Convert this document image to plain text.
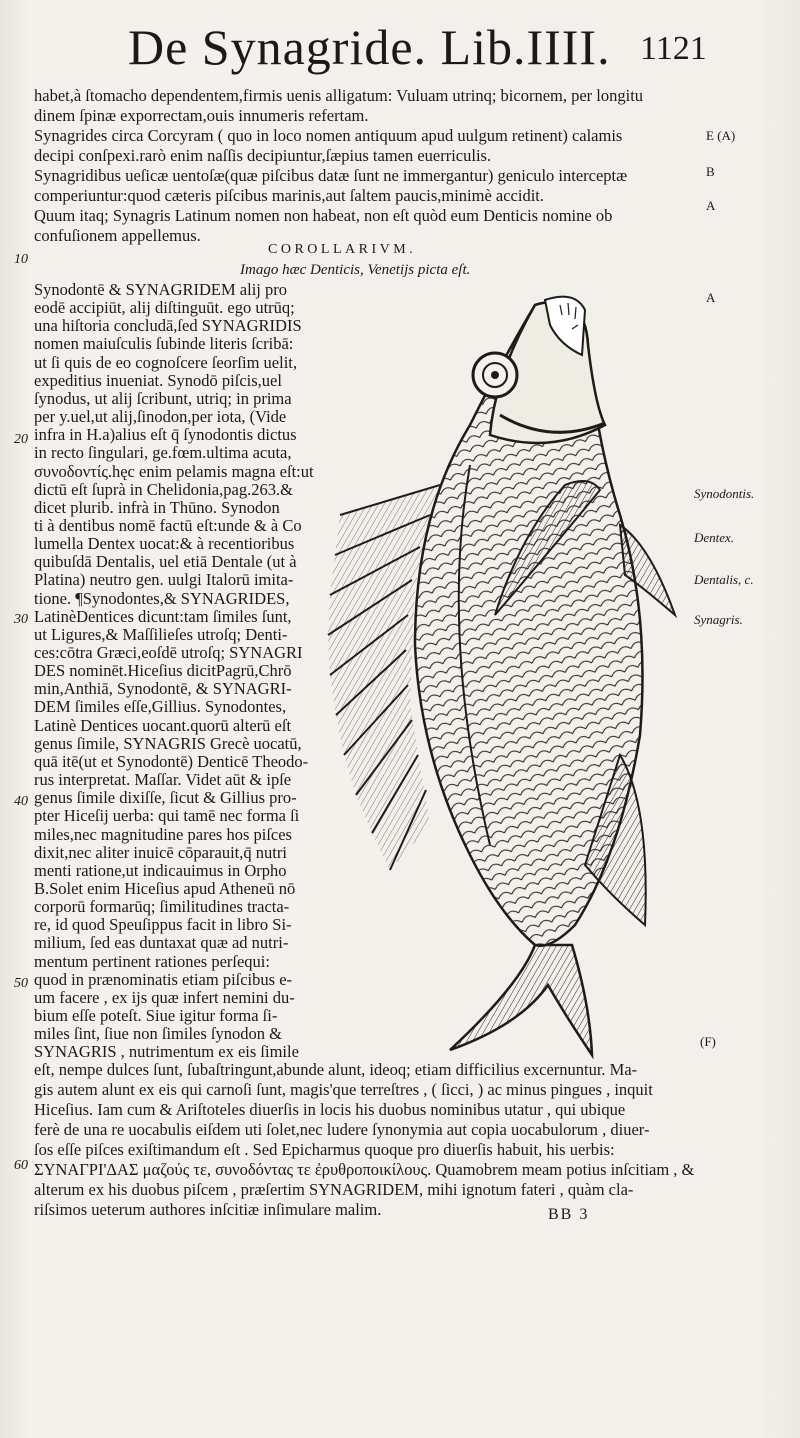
De Synagride. Lib.IIII. 1121
habet,à ſtomacho dependentem,firmis uenis alligatum: Vuluam utrinq; bicornem, per longitu
dinem ſpinæ exporrectam,ouis innumeris refertam.
Synagrides circa Corcyram ( quo in loco nomen antiquum apud uulgum retinent) calamis
decipi conſpexi.rarò enim naſſis decipiuntur,ſæpius tamen euerriculis.
Synagridibus ueſicæ uentoſæ(quæ piſcibus datæ ſunt ne immergantur) geniculo interceptæ
comperiuntur:quod cæteris piſcibus marinis,aut ſaltem paucis,minimè accidit.
Quum itaq; Synagris Latinum nomen non habeat, non eſt quòd eum Denticis nomine ob
confuſionem appellemus.
E (A)
B
A
COROLLARIVM.
Imago hæc Denticis, Venetijs picta eſt.
10
20
30
40
50
60
Synodontē & SYNAGRIDEM alij pro
eodē accipiūt, alij diſtinguūt. ego utrūq;
una hiſtoria concludā,ſed SYNAGRIDIS
nomen maiuſculis ſubinde literis ſcribā:
ut ſi quis de eo cognoſcere ſeorſim uelit,
expeditius inueniat. Synodō piſcis,uel
ſynodus, ut alij ſcribunt, utriq; in prima
per y.uel,ut alij,ſinodon,per iota, (Vide
infra in H.a)alius eſt q̄ ſynodontis dictus
in recto ſingulari, ge.fœm.ultima acuta,
συνοδοντίς.hęc enim pelamis magna eſt:ut
dictū eſt ſuprà in Chelidonia,pag.263.&
dicet plurib. infrà in Thūno. Synodon
ti à dentibus nomē factū eſt:unde & à Co
lumella Dentex uocat:& à recentioribus
quibuſdā Dentalis, uel etiā Dentale (ut à
Platina) neutro gen. uulgi Italorū imita-
tione. ¶Synodontes,& SYNAGRIDES,
LatinèDentices dicunt:tam ſimiles ſunt,
ut Ligures,& Maſſilieſes utroſq; Denti-
ces:cōtra Græci,eoſdē utroſq; SYNAGRI
DES nominēt.Hiceſius dicitPagrū,Chrō
min,Anthiā, Synodontē, & SYNAGRI-
DEM ſimiles eſſe,Gillius. Synodontes,
Latinè Dentices uocant.quorū alterū eſt
genus ſimile, SYNAGRIS Grecè uocatū,
quā itē(ut et Synodontē) Denticē Theodo-
rus interpretat. Maſſar. Videt aūt & ipſe
genus ſimile dixiſſe, ſicut & Gillius pro-
pter Hiceſij uerba: qui tamē nec forma ſi
miles,nec magnitudine pares hos piſces
dixit,nec aliter inuicē cōparauit,q̄ nutri
menti ratione,ut indicauimus in Orpho
B.Solet enim Hiceſius apud Atheneū nō
corporū formarūq; ſimilitudines tracta-
re, id quod Speuſippus facit in libro Si-
milium, ſed eas duntaxat quæ ad nutri-
mentum pertinent rationes perſequi:
quod in prænominatis etiam piſcibus e-
um facere , ex ijs quæ infert nemini du-
bium eſſe poteſt. Siue igitur forma ſi-
miles ſint, ſiue non ſimiles ſynodon &
SYNAGRIS , nutrimentum ex eis ſimile
A
Synodontis.
Dentex.
Dentalis, c.
Synagris.
(F)
eſt, nempe dulces ſunt, ſubaſtringunt,abunde alunt, ideoq; etiam difficilius excernuntur. Ma-
gis autem alunt ex eis qui carnoſi ſunt, magis'que terreſtres , ( ſicci, ) ac minus pingues , inquit
Hiceſius. Iam cum & Ariſtoteles diuerſis in locis his duobus nominibus utatur , qui ubique
ferè de una re uocabulis eiſdem uti ſolet,nec ludere ſynonymia aut copia uocabulorum , diuer-
ſos eſſe piſces exiſtimandum eſt . Sed Epicharmus quoque pro diuerſis habuit, his uerbis:
ΣΥΝΑΓΡΙ'ΔΑΣ μαζούς τε, συνοδόντας τε ἐρυθροποικίλους. Quamobrem meam potius inſcitiam , &
alterum ex his duobus piſcem , præſertim SYNAGRIDEM, mihi ignotum fateri , quàm cla-
riſsimos ueterum authores inſcitiæ inſimulare malim.	BB 3
